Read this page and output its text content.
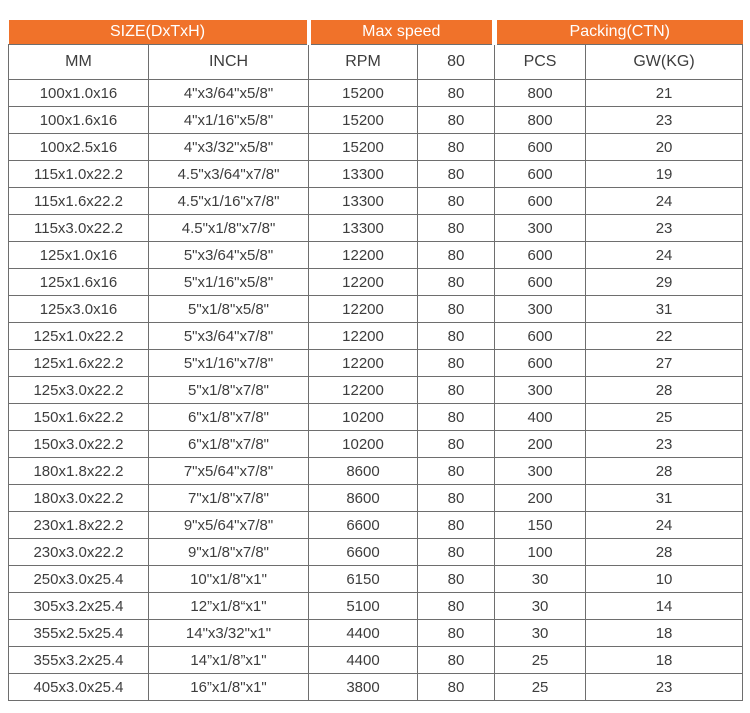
SIZE(DxTxH)		Max speed		Packing(CTN)	
MM	INCH	RPM	80	PCS	GW(KG)
100x1.0x16	4"x3/64"x5/8"	15200	80	800	21
100x1.6x16	4"x1/16"x5/8"	15200	80	800	23
100x2.5x16	4"x3/32"x5/8"	15200	80	600	20
115x1.0x22.2	4.5"x3/64"x7/8"	13300	80	600	19
115x1.6x22.2	4.5"x1/16"x7/8"	13300	80	600	24
115x3.0x22.2	4.5"x1/8"x7/8"	13300	80	300	23
125x1.0x16	5"x3/64"x5/8"	12200	80	600	24
125x1.6x16	5"x1/16"x5/8"	12200	80	600	29
125x3.0x16	5"x1/8"x5/8"	12200	80	300	31
125x1.0x22.2	5"x3/64"x7/8"	12200	80	600	22
125x1.6x22.2	5"x1/16"x7/8"	12200	80	600	27
125x3.0x22.2	5"x1/8"x7/8"	12200	80	300	28
150x1.6x22.2	6"x1/8"x7/8"	10200	80	400	25
150x3.0x22.2	6"x1/8"x7/8"	10200	80	200	23
180x1.8x22.2	7"x5/64"x7/8"	8600	80	300	28
180x3.0x22.2	7"x1/8"x7/8"	8600	80	200	31
230x1.8x22.2	9"x5/64"x7/8"	6600	80	150	24
230x3.0x22.2	9"x1/8"x7/8"	6600	80	100	28
250x3.0x25.4	10"x1/8"x1"	6150	80	30	10
305x3.2x25.4	12”x1/8“x1"	5100	80	30	14
355x2.5x25.4	14"x3/32"x1"	4400	80	30	18
355x3.2x25.4	14”x1/8”x1"	4400	80	25	18
405x3.0x25.4	16”x1/8"x1"	3800	80	25	23
